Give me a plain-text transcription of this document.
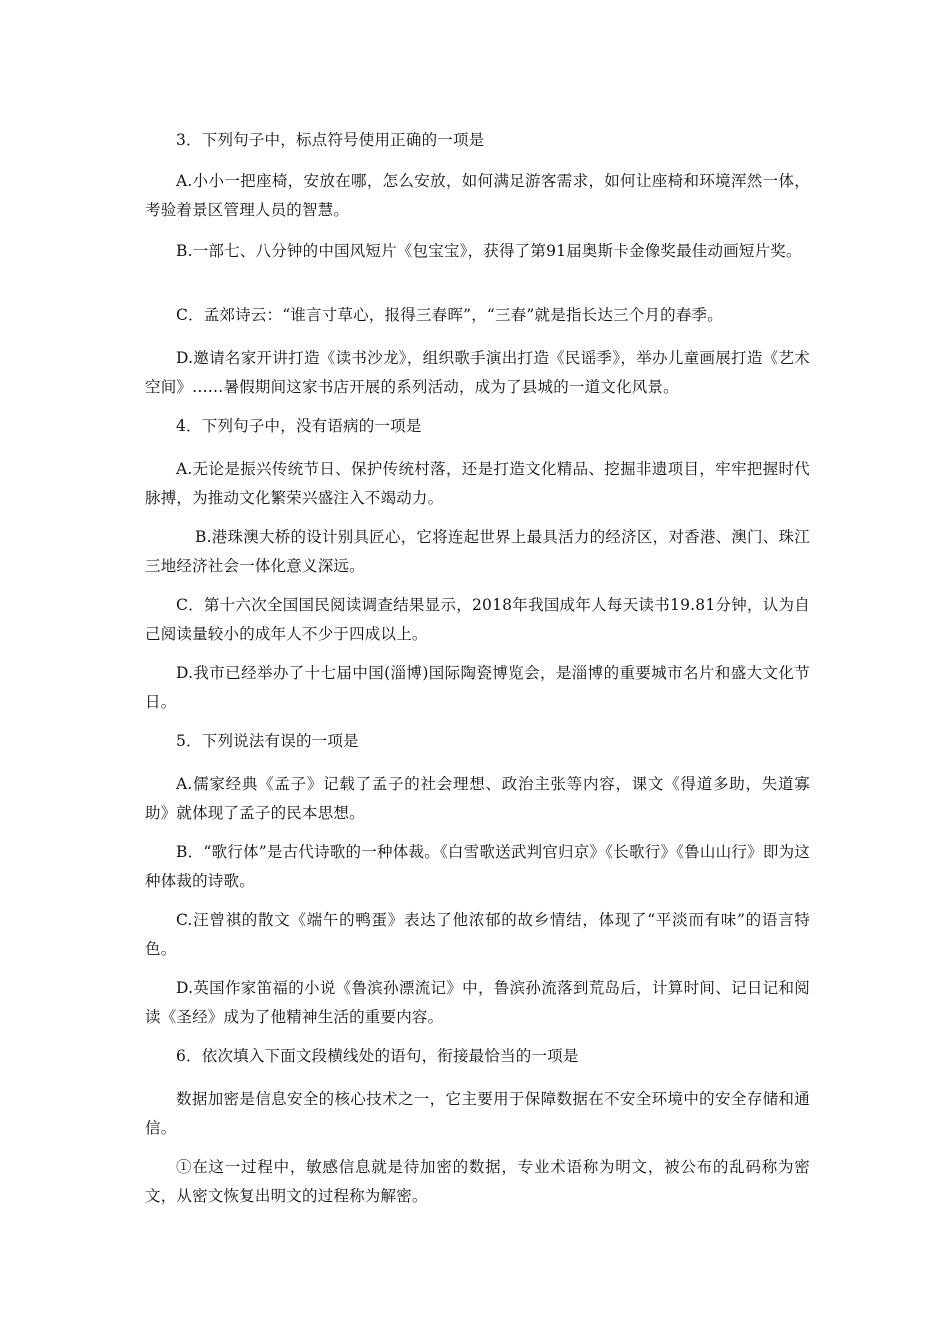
3．下列句子中，标点符号使用正确的一项是

A.小小一把座椅，安放在哪，怎么安放，如何满足游客需求，如何让座椅和环境浑然一体，考验着景区管理人员的智慧。

B.一部七、八分钟的中国风短片《包宝宝》，获得了第91届奥斯卡金像奖最佳动画短片奖。

C．孟郊诗云：“谁言寸草心，报得三春晖”，“三春”就是指长达三个月的春季。

D.邀请名家开讲打造《读书沙龙》，组织歌手演出打造《民谣季》，举办儿童画展打造《艺术空间》……暑假期间这家书店开展的系列活动，成为了县城的一道文化风景。

4．下列句子中，没有语病的一项是

A.无论是振兴传统节日、保护传统村落，还是打造文化精品、挖掘非遗项目，牢牢把握时代脉搏，为推动文化繁荣兴盛注入不竭动力。

B.港珠澳大桥的设计别具匠心，它将连起世界上最具活力的经济区，对香港、澳门、珠江三地经济社会一体化意义深远。

C．第十六次全国国民阅读调查结果显示，2018年我国成年人每天读书19.81分钟，认为自己阅读量较小的成年人不少于四成以上。

D.我市已经举办了十七届中国(淄博)国际陶瓷博览会，是淄博的重要城市名片和盛大文化节日。

5．下列说法有误的一项是

A.儒家经典《孟子》记载了孟子的社会理想、政治主张等内容，课文《得道多助，失道寡助》就体现了孟子的民本思想。

B．“歌行体”是古代诗歌的一种体裁。《白雪歌送武判官归京》《长歌行》《鲁山山行》即为这种体裁的诗歌。

C.汪曾祺的散文《端午的鸭蛋》表达了他浓郁的故乡情结，体现了“平淡而有味”的语言特色。

D.英国作家笛福的小说《鲁滨孙漂流记》中，鲁滨孙流落到荒岛后，计算时间、记日记和阅读《圣经》成为了他精神生活的重要内容。

6．依次填入下面文段横线处的语句，衔接最恰当的一项是

数据加密是信息安全的核心技术之一，它主要用于保障数据在不安全环境中的安全存储和通信。

①在这一过程中，敏感信息就是待加密的数据，专业术语称为明文，被公布的乱码称为密文，从密文恢复出明文的过程称为解密。
